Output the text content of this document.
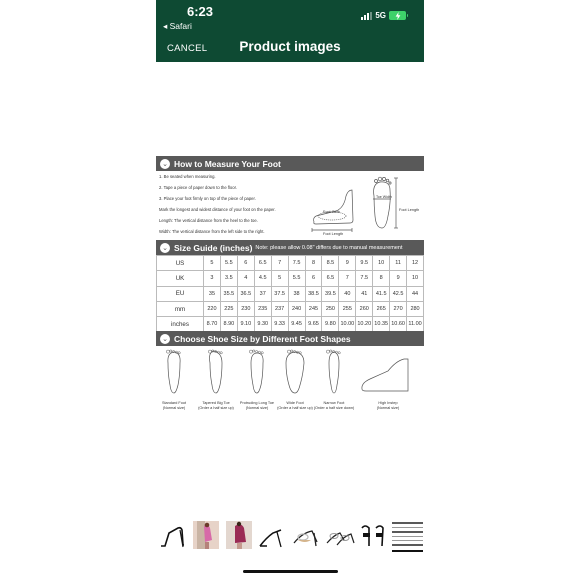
6:23
◂ Safari
5G
CANCEL	Product images
⌄ How to Measure Your Foot
1. Be seated when measuring.
2. Tape a piece of paper down to the floor.
3. Place your foot firmly on top of the piece of paper.
Mark the longest and widest distance of your foot on the paper.
Length: The vertical distance from the heel to the toe.
Width: The vertical distance from the left side to the right.
Foot Girth
Foot Length
Toe Width
Foot Length
⌄ Size Guide (inches) Note: please allow 0.08" differs due to manual measurement
US	5	5.5	6	6.5	7	7.5	8	8.5	9	9.5	10	11	12
UK	3	3.5	4	4.5	5	5.5	6	6.5	7	7.5	8	9	10
EU	35	35.5	36.5	37	37.5	38	38.5	39.5	40	41	41.5	42.5	44
mm	220	225	230	235	237	240	245	250	255	260	265	270	280
inches	8.70	8.90	9.10	9.30	9.33	9.45	9.65	9.80	10.00	10.20	10.35	10.60	11.00
⌄ Choose Shoe Size by Different Foot Shapes
Standard Foot
(Normal size)
Tapered Big Toe
(Order a half size up)
Protruding Long Toe
(Normal size)
Wide Foot
(Order a half size up)
Narrow Foot
(Order a half size down)
High Instep
(Normal size)
